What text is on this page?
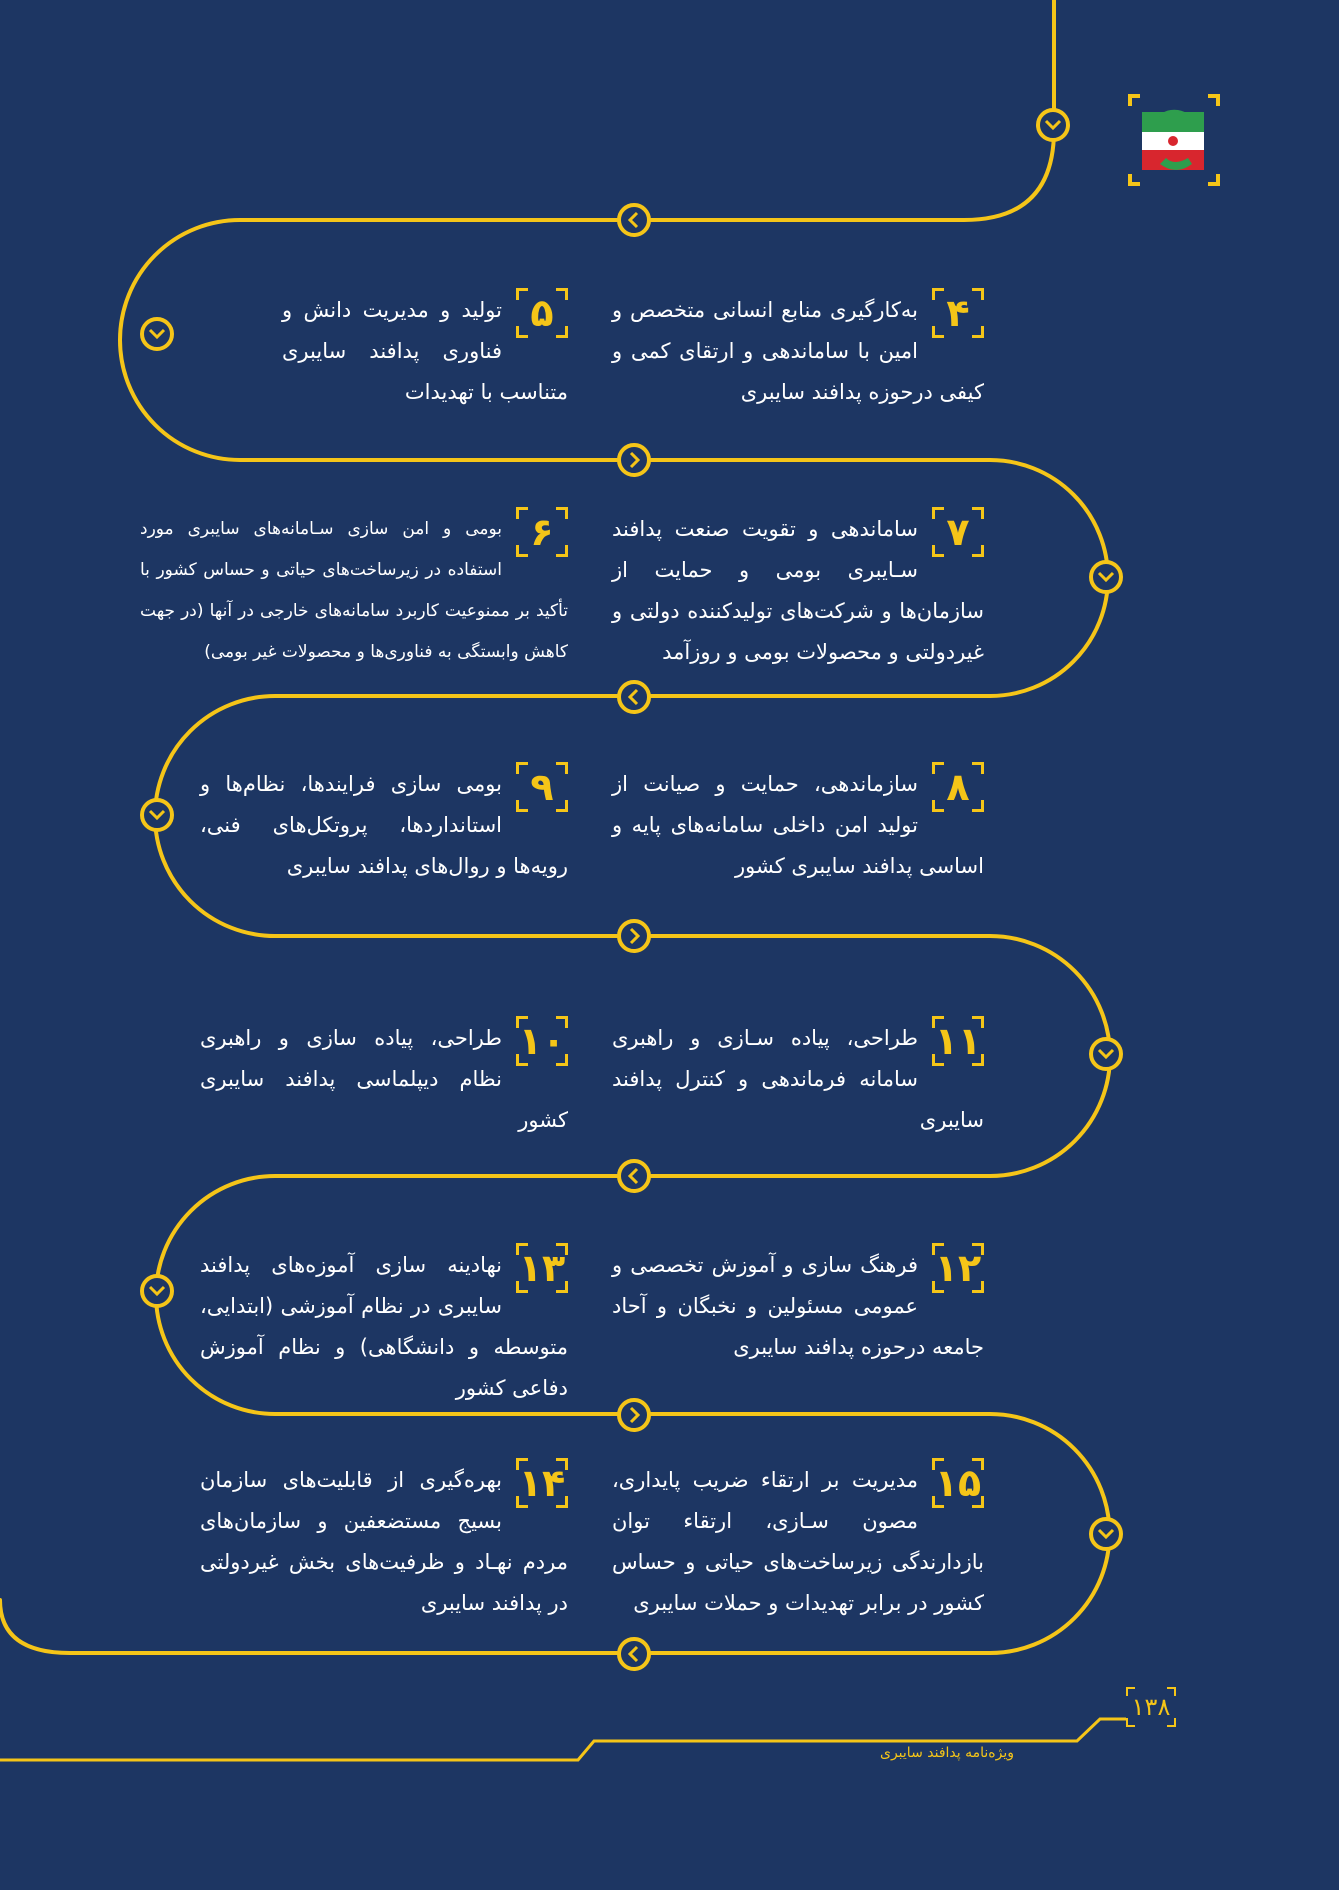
۴
به‌کارگیری منابع انسانی متخصص و امین با ساماندهی و ارتقای کمی و کیفی درحوزه پدافند سایبری
۵
تولید و مدیریت دانش و فناوری پدافند سایبری متناسب با تهدیدات
۷
ساماندهی و تقویت صنعت پدافند سـایبری بومی و حمایت از سازمان‌ها و شرکت‌های تولیدکننده دولتی و غیردولتی و محصولات بومی و روزآمد
۶
بومی و امن سازی سـامانه‌های سایبری مورد استفاده در زیرساخت‌های حیاتی و حساس کشور با تأکید بر ممنوعیت کاربرد سامانه‌های خارجی در آنها (در جهت کاهش وابستگی به فناوری‌ها و محصولات غیر بومی)
۸
سازماندهی، حمایت و صیانت از تولید امن داخلی سامانه‌های پایه و اساسی پدافند سایبری کشور
۹
بومی سازی فرایندها، نظام‌ها و استانداردها، پروتکل‌های فنی، رویه‌ها و روال‌های پدافند سایبری
۱۱
طراحی، پیاده سـازی و راهبری سامانه فرماندهی و کنترل پدافند سایبری
۱۰
طراحی، پیاده سازی و راهبری نظام دیپلماسی پدافند سایبری کشور
۱۲
فرهنگ سازی و آموزش تخصصی و عمومی مسئولین و نخبگان و آحاد جامعه درحوزه پدافند سایبری
۱۳
نهادینه سازی آموزه‌های پدافند سایبری در نظام آموزشی (ابتدایی، متوسطه و دانشگاهی) و نظام آموزش دفاعی کشور
۱۵
مدیریت بر ارتقاء ضریب پایداری، مصون سـازی، ارتقاء توان بازدارندگی زیرساخت‌های حیاتی و حساس کشور در برابر تهدیدات و حملات سایبری
۱۴
بهره‌گیری از قابلیت‌های سازمان بسیج مستضعفین و سازمان‌های مردم نهـاد و ظرفیت‌های بخش غیردولتی در پدافند سایبری
۱۳۸
ویژه‌نامه پدافند سایبری
